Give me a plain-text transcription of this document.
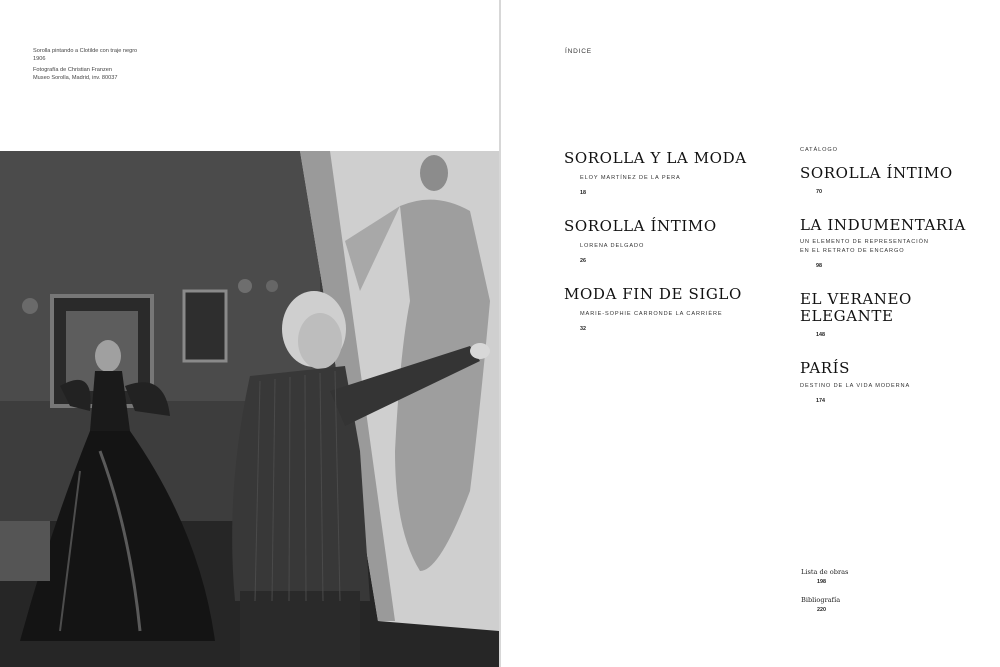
Sorolla pintando a Clotilde con traje negro

1906

Fotografía de Christian Franzen

Museo Sorolla, Madrid, inv. 80037

ÍNDICE

SOROLLA Y LA MODA

ELOY MARTÍNEZ DE LA PERA

18

SOROLLA ÍNTIMO

LORENA DELGADO

26

MODA FIN DE SIGLO

MARIE-SOPHIE CARRONDE LA CARRIÈRE

32
CATÁLOGO

SOROLLA ÍNTIMO

70

LA INDUMENTARIA

UN ELEMENTO DE REPRESENTACIÓN

EN EL RETRATO DE ENCARGO

98

EL VERANEO

ELEGANTE

148

PARÍS

DESTINO DE LA VIDA MODERNA

174
Lista de obras
198
Bibliografía
220
